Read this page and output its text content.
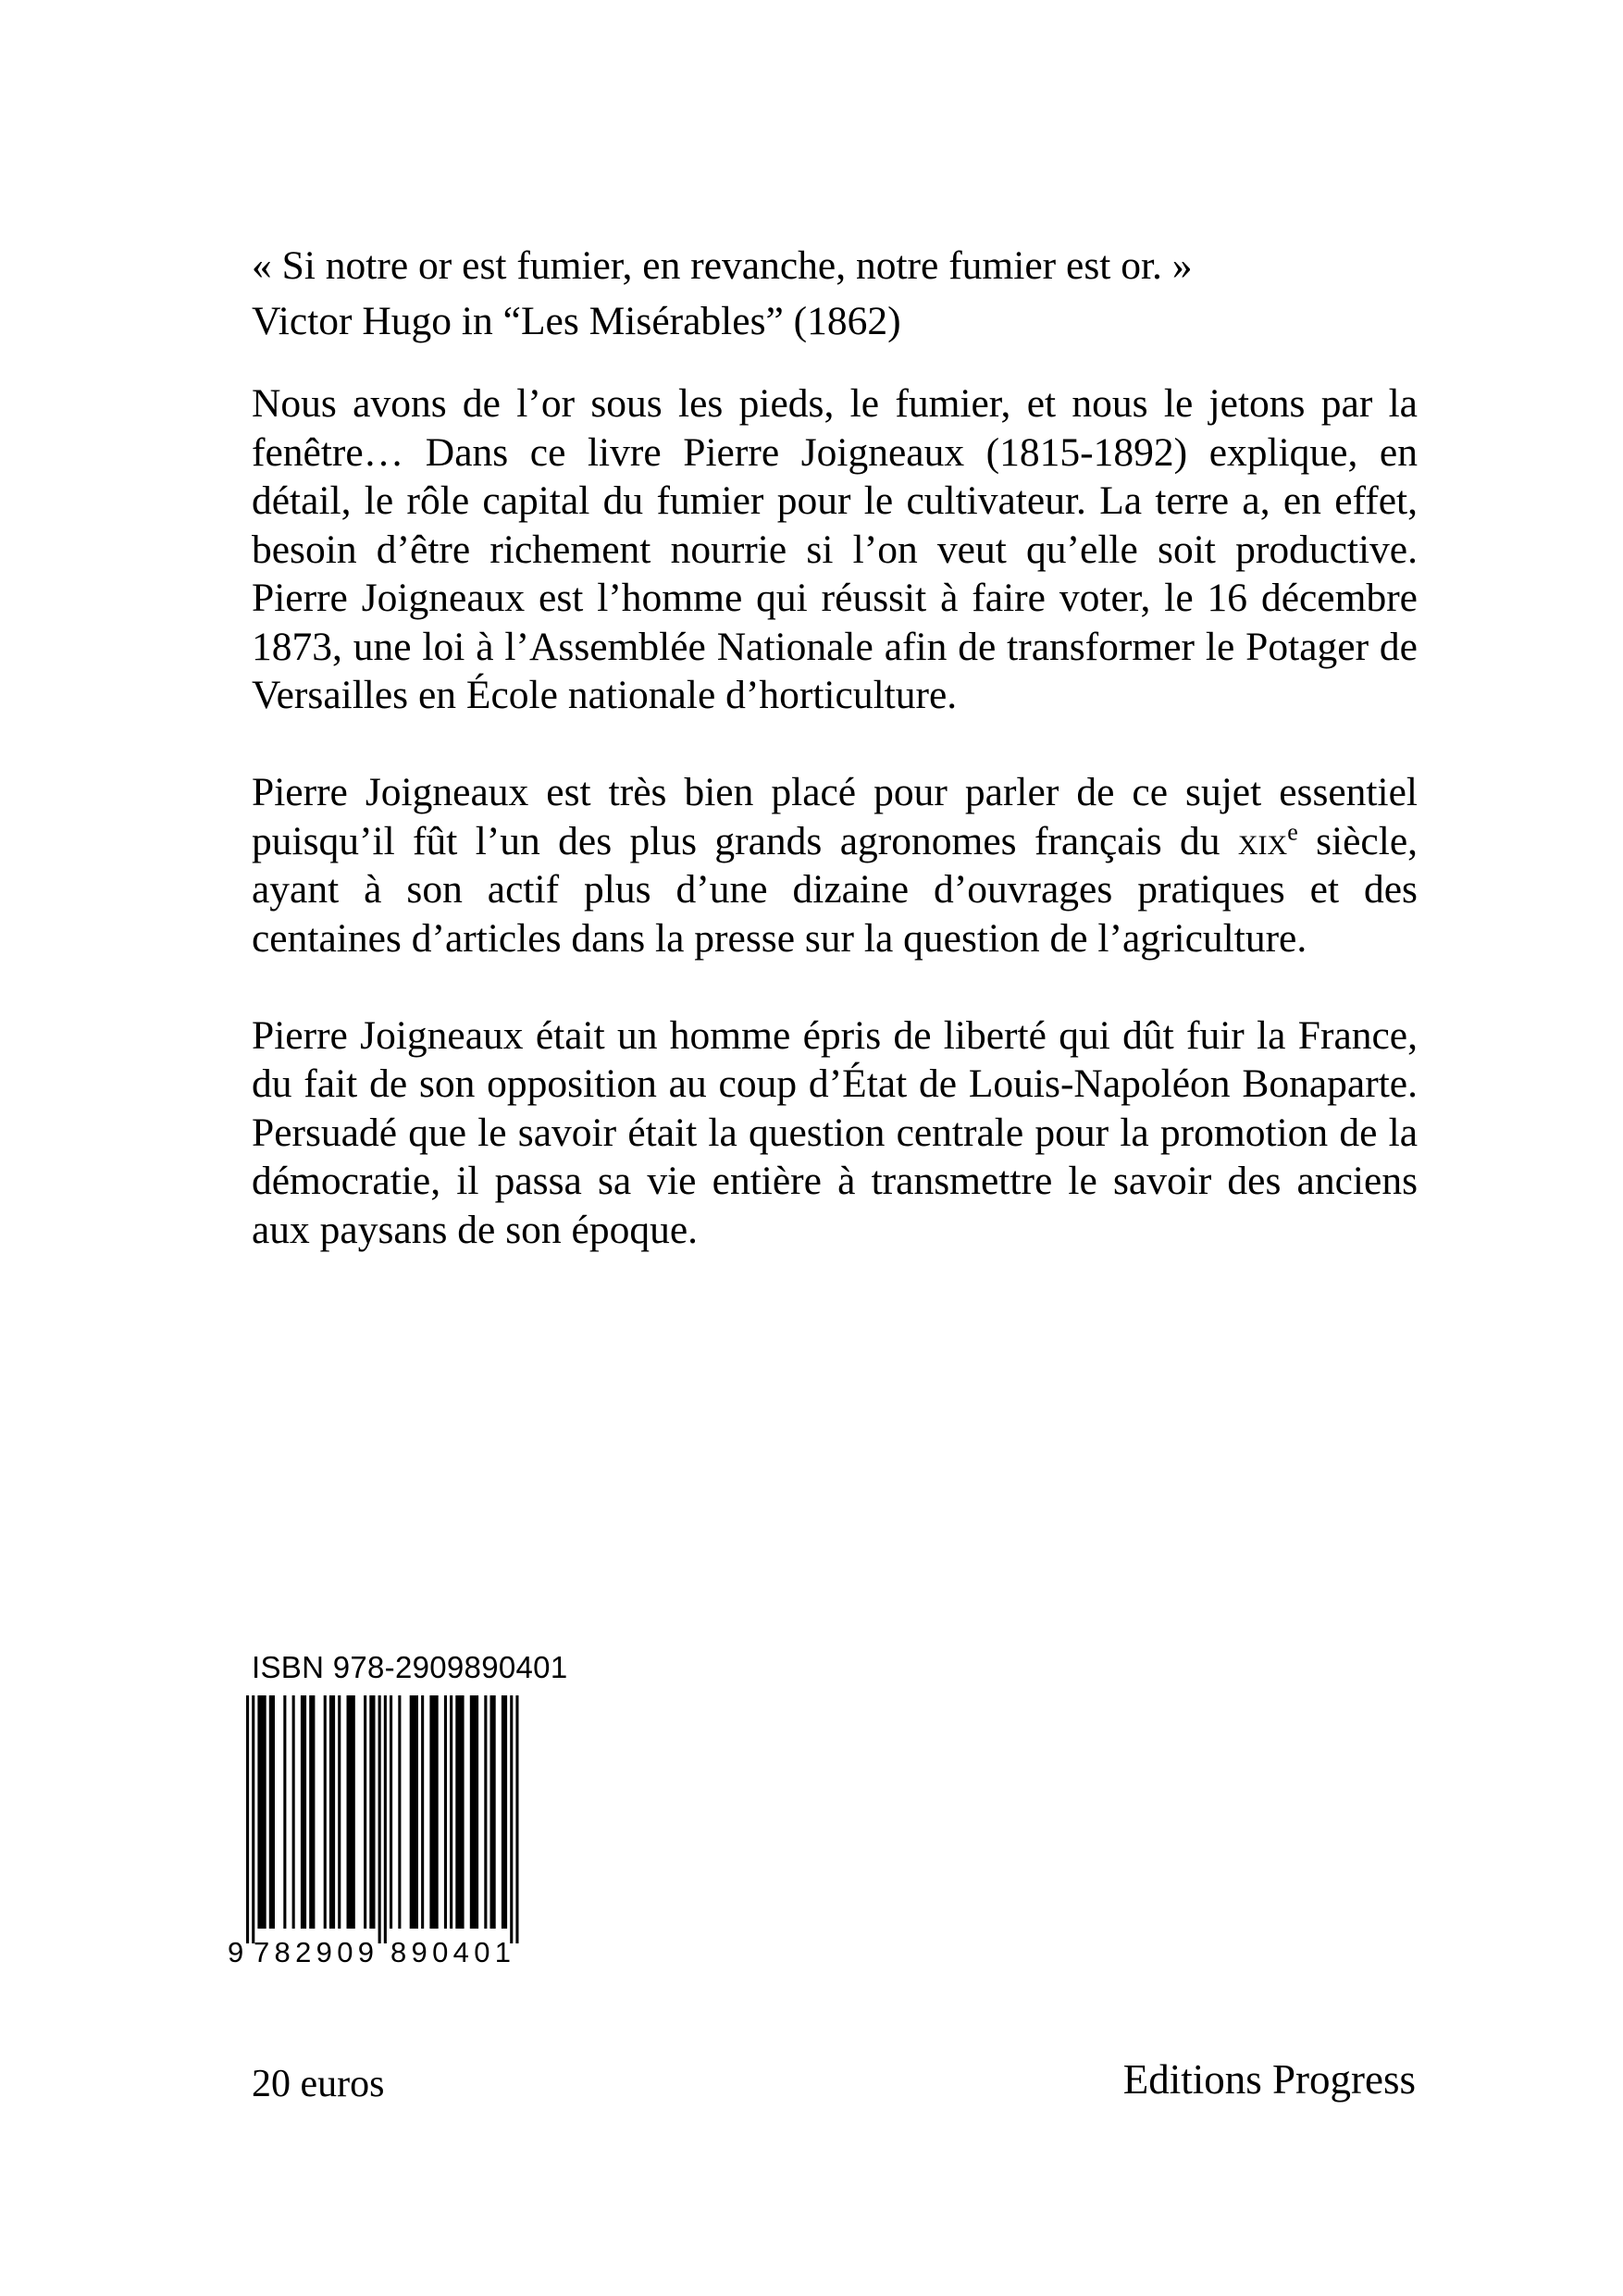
« Si notre or est fumier, en revanche, notre fumier est or. »

Victor Hugo in “Les Misérables” (1862)

Nous avons de l’or sous les pieds, le fumier, et nous le jetons par la fenêtre… Dans ce livre Pierre Joigneaux (1815-1892) explique, en détail, le rôle capital du fumier pour le cultivateur. La terre a, en effet, besoin d’être richement nourrie si l’on veut qu’elle soit productive. Pierre Joigneaux est l’homme qui réussit à faire voter, le 16 décembre 1873, une loi à l’Assemblée Nationale afin de transformer le Potager de Versailles en École nationale d’horticulture.

Pierre Joigneaux est très bien placé pour parler de ce sujet essentiel puisqu’il fût l’un des plus grands agronomes français du xix$^e$ siècle, ayant à son actif plus d’une dizaine d’ouvrages pratiques et des centaines d’articles dans la presse sur la question de l’agriculture.

Pierre Joigneaux était un homme épris de liberté qui dût fuir la France, du fait de son opposition au coup d’État de Louis-Napoléon Bonaparte. Persuadé que le savoir était la question centrale pour la promotion de la démocratie, il passa sa vie entière à transmettre le savoir des anciens aux paysans de son époque.

ISBN 978-2909890401
9 782909 890401
20 euros	Editions Progress
